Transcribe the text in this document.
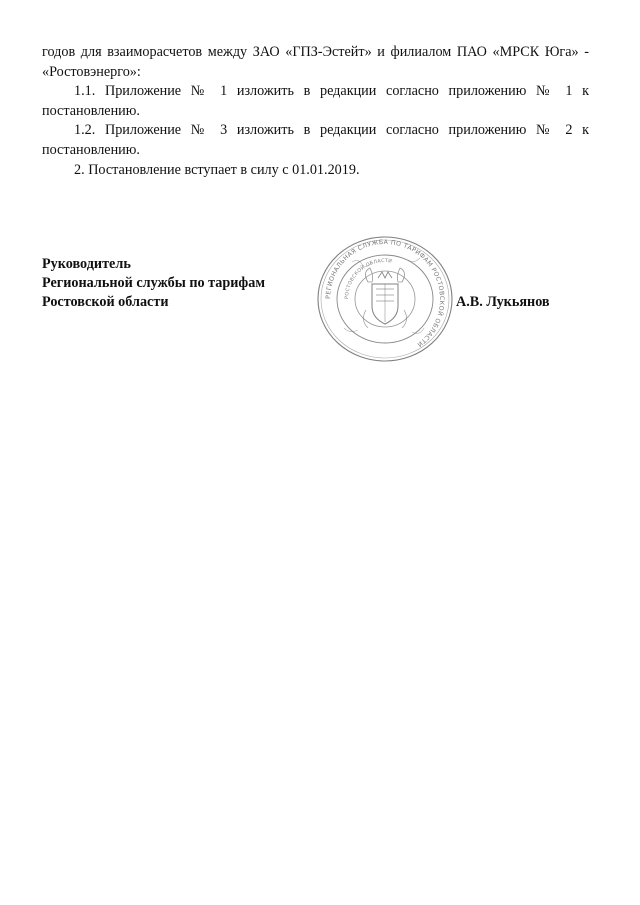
годов для взаиморасчетов между ЗАО «ГПЗ-Эстейт» и филиалом ПАО «МРСК Юга» - «Ростовэнерго»:

1.1. Приложение № 1 изложить в редакции согласно приложению № 1 к постановлению.

1.2. Приложение № 3 изложить в редакции согласно приложению № 2 к постановлению.

2. Постановление вступает в силу с 01.01.2019.

Руководитель
Региональной службы по тарифам
Ростовской области	РЕГИОНАЛЬНАЯ СЛУЖБА ПО ТАРИФАМ РОСТОВСКОЙ ОБЛАСТИ
РОСТОВСКОЙ ОБЛАСТИ
А.В. Лукьянов
